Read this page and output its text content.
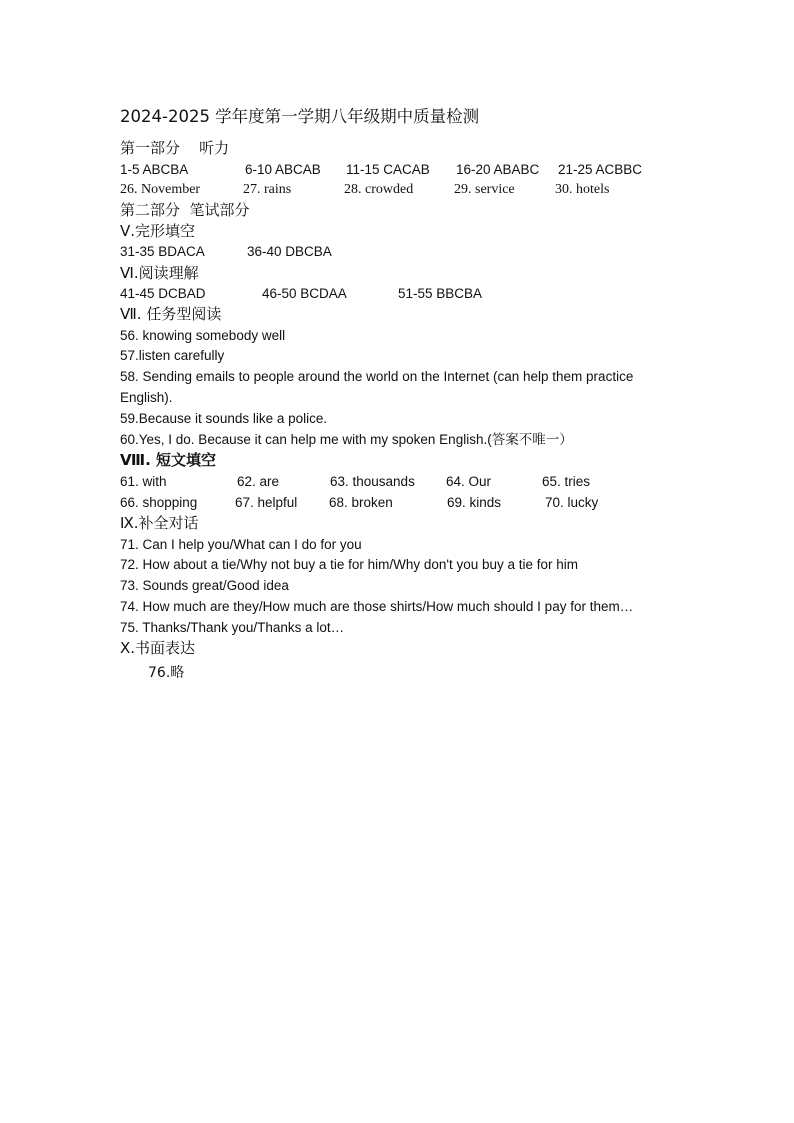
2024-2025 学年度第一学期八年级期中质量检测
第一部分    听力
1-5 ABCBA	6-10 ABCAB 11-15 CACAB 16-20 ABABC 21-25 ACBBC
26. November	27. rains	28. crowded	29. service	30. hotels
第二部分  笔试部分
Ⅴ.完形填空
31-35 BDACA	36-40 DBCBA
Ⅵ.阅读理解
41-45 DCBAD	46-50 BCDAA	51-55 BBCBA
Ⅶ. 任务型阅读
56. knowing somebody well
57.listen carefully
58. Sending emails to people around the world on the Internet (can help them practice
English).
59.Because it sounds like a police.
60.Yes, I do. Because it can help me with my spoken English.(答案不唯一）
Ⅷ. 短文填空
61. with	62. are	63. thousands 64. Our	65. tries
66. shopping	67. helpful 68. broken	69. kinds	70. lucky
Ⅸ.补全对话
71. Can I help you/What can I do for you
72. How about a tie/Why not buy a tie for him/Why don't you buy a tie for him
73. Sounds great/Good idea
74. How much are they/How much are those shirts/How much should I pay for them…
75. Thanks/Thank you/Thanks a lot…
Ⅹ.书面表达
76.略
